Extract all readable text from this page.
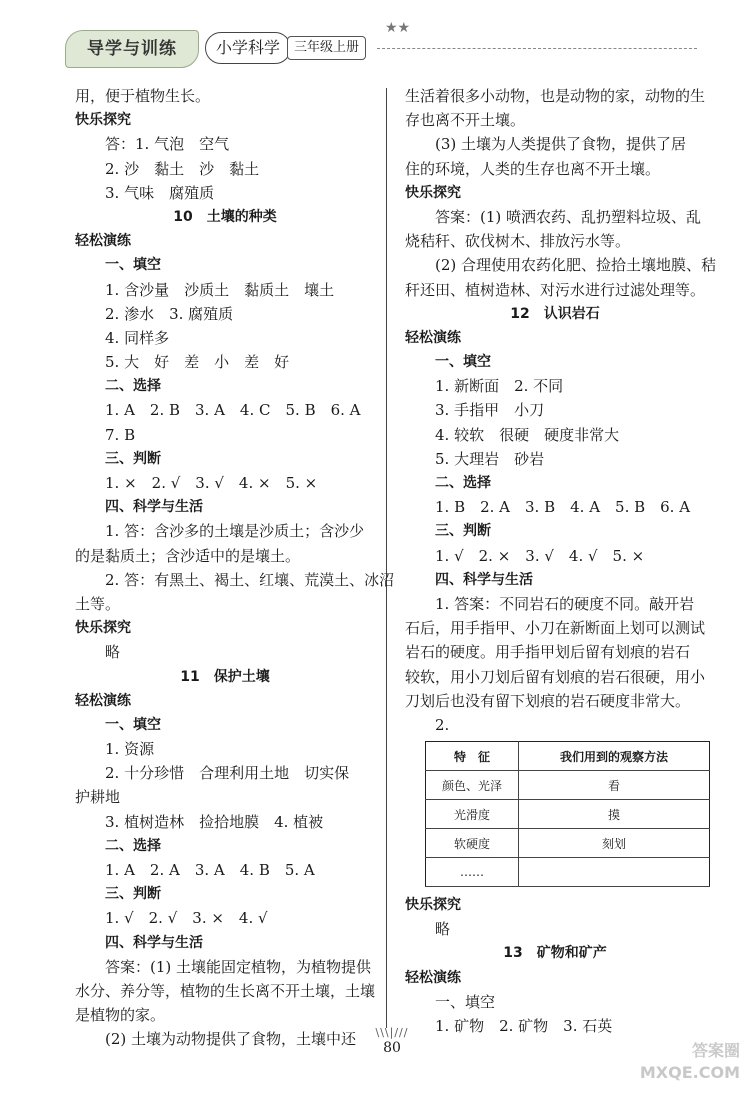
导学与训练	小学科学	三年级上册
★★
用，便于植物生长。
快乐探究
答：1. 气泡　空气
2. 沙　黏土　沙　黏土
3. 气味　腐殖质
10　土壤的种类
轻松演练
一、填空
1. 含沙量　沙质土　黏质土　壤土
2. 渗水　3. 腐殖质
4. 同样多
5. 大　好　差　小　差　好
二、选择
1. A　2. B　3. A　4. C　5. B　6. A
7. B
三、判断
1. ×　2. √　3. √　4. ×　5. ×
四、科学与生活
1. 答：含沙多的土壤是沙质土；含沙少
的是黏质土；含沙适中的是壤土。
2. 答：有黑土、褐土、红壤、荒漠土、冰沼
土等。
快乐探究
略
11　保护土壤
轻松演练
一、填空
1. 资源
2. 十分珍惜　合理利用土地　切实保
护耕地
3. 植树造林　捡拾地膜　4. 植被
二、选择
1. A　2. A　3. A　4. B　5. A
三、判断
1. √　2. √　3. ×　4. √
四、科学与生活
答案：(1) 土壤能固定植物，为植物提供
水分、养分等，植物的生长离不开土壤，土壤
是植物的家。
(2) 土壤为动物提供了食物，土壤中还
生活着很多小动物，也是动物的家，动物的生
存也离不开土壤。
(3) 土壤为人类提供了食物，提供了居
住的环境，人类的生存也离不开土壤。
快乐探究
答案：(1) 喷洒农药、乱扔塑料垃圾、乱
烧秸秆、砍伐树木、排放污水等。
(2) 合理使用农药化肥、捡拾土壤地膜、秸
秆还田、植树造林、对污水进行过滤处理等。
12　认识岩石
轻松演练
一、填空
1. 新断面　2. 不同
3. 手指甲　小刀
4. 较软　很硬　硬度非常大
5. 大理岩　砂岩
二、选择
1. B　2. A　3. B　4. A　5. B　6. A
三、判断
1. √　2. ×　3. √　4. √　5. ×
四、科学与生活
1. 答案：不同岩石的硬度不同。敲开岩
石后，用手指甲、小刀在新断面上划可以测试
岩石的硬度。用手指甲划后留有划痕的岩石
较软，用小刀划后留有划痕的岩石很硬，用小
刀划后也没有留下划痕的岩石硬度非常大。
2.
特　征	我们用到的观察方法
颜色、光泽	看
光滑度	摸
软硬度	刻划
……	
快乐探究
略
13　矿物和矿产
轻松演练
一、填空
1. 矿物　2. 矿物　3. 石英
\\\|///
80	答案圈 MXQE.COM
